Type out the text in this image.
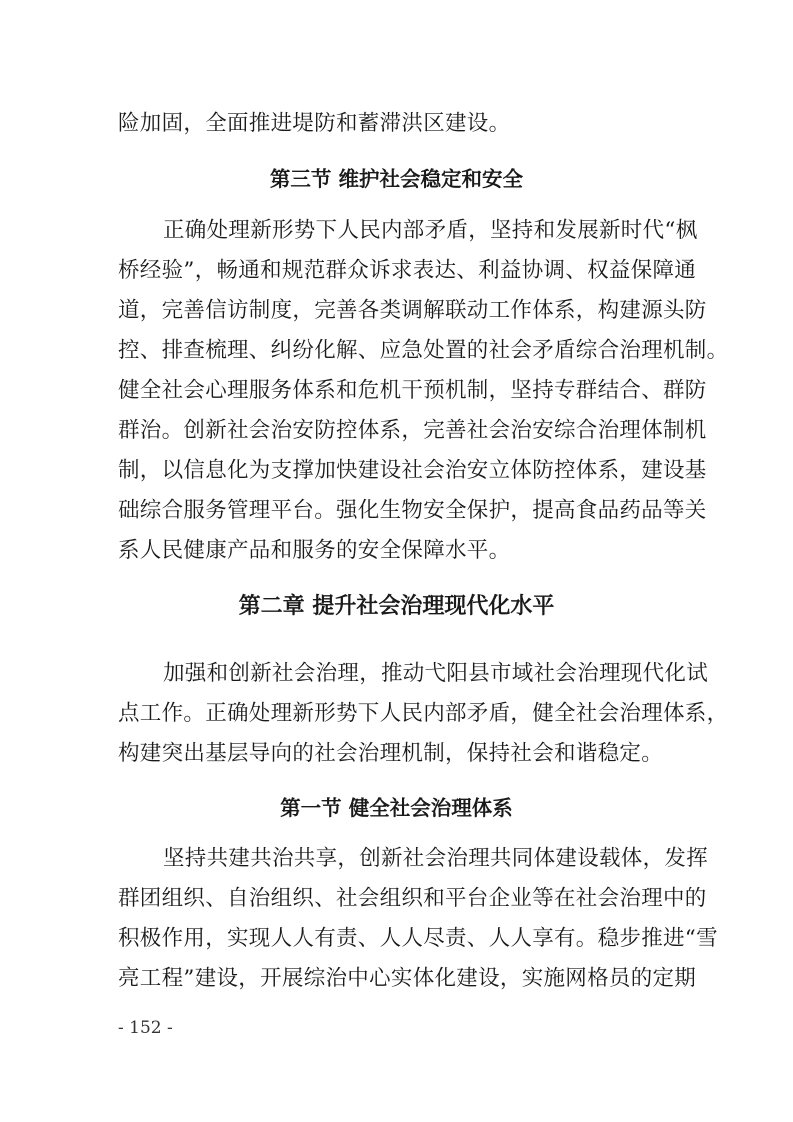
险加固，全面推进堤防和蓄滞洪区建设。
第三节 维护社会稳定和安全
正确处理新形势下人民内部矛盾，坚持和发展新时代“枫
桥经验”，畅通和规范群众诉求表达、利益协调、权益保障通
道，完善信访制度，完善各类调解联动工作体系，构建源头防
控、排查梳理、纠纷化解、应急处置的社会矛盾综合治理机制。
健全社会心理服务体系和危机干预机制，坚持专群结合、群防
群治。创新社会治安防控体系，完善社会治安综合治理体制机
制，以信息化为支撑加快建设社会治安立体防控体系，建设基
础综合服务管理平台。强化生物安全保护，提高食品药品等关
系人民健康产品和服务的安全保障水平。
第二章 提升社会治理现代化水平
加强和创新社会治理，推动弋阳县市域社会治理现代化试
点工作。正确处理新形势下人民内部矛盾，健全社会治理体系，
构建突出基层导向的社会治理机制，保持社会和谐稳定。
第一节 健全社会治理体系
坚持共建共治共享，创新社会治理共同体建设载体，发挥
群团组织、自治组织、社会组织和平台企业等在社会治理中的
积极作用，实现人人有责、人人尽责、人人享有。稳步推进“雪
亮工程”建设，开展综治中心实体化建设，实施网格员的定期
- 152 -
